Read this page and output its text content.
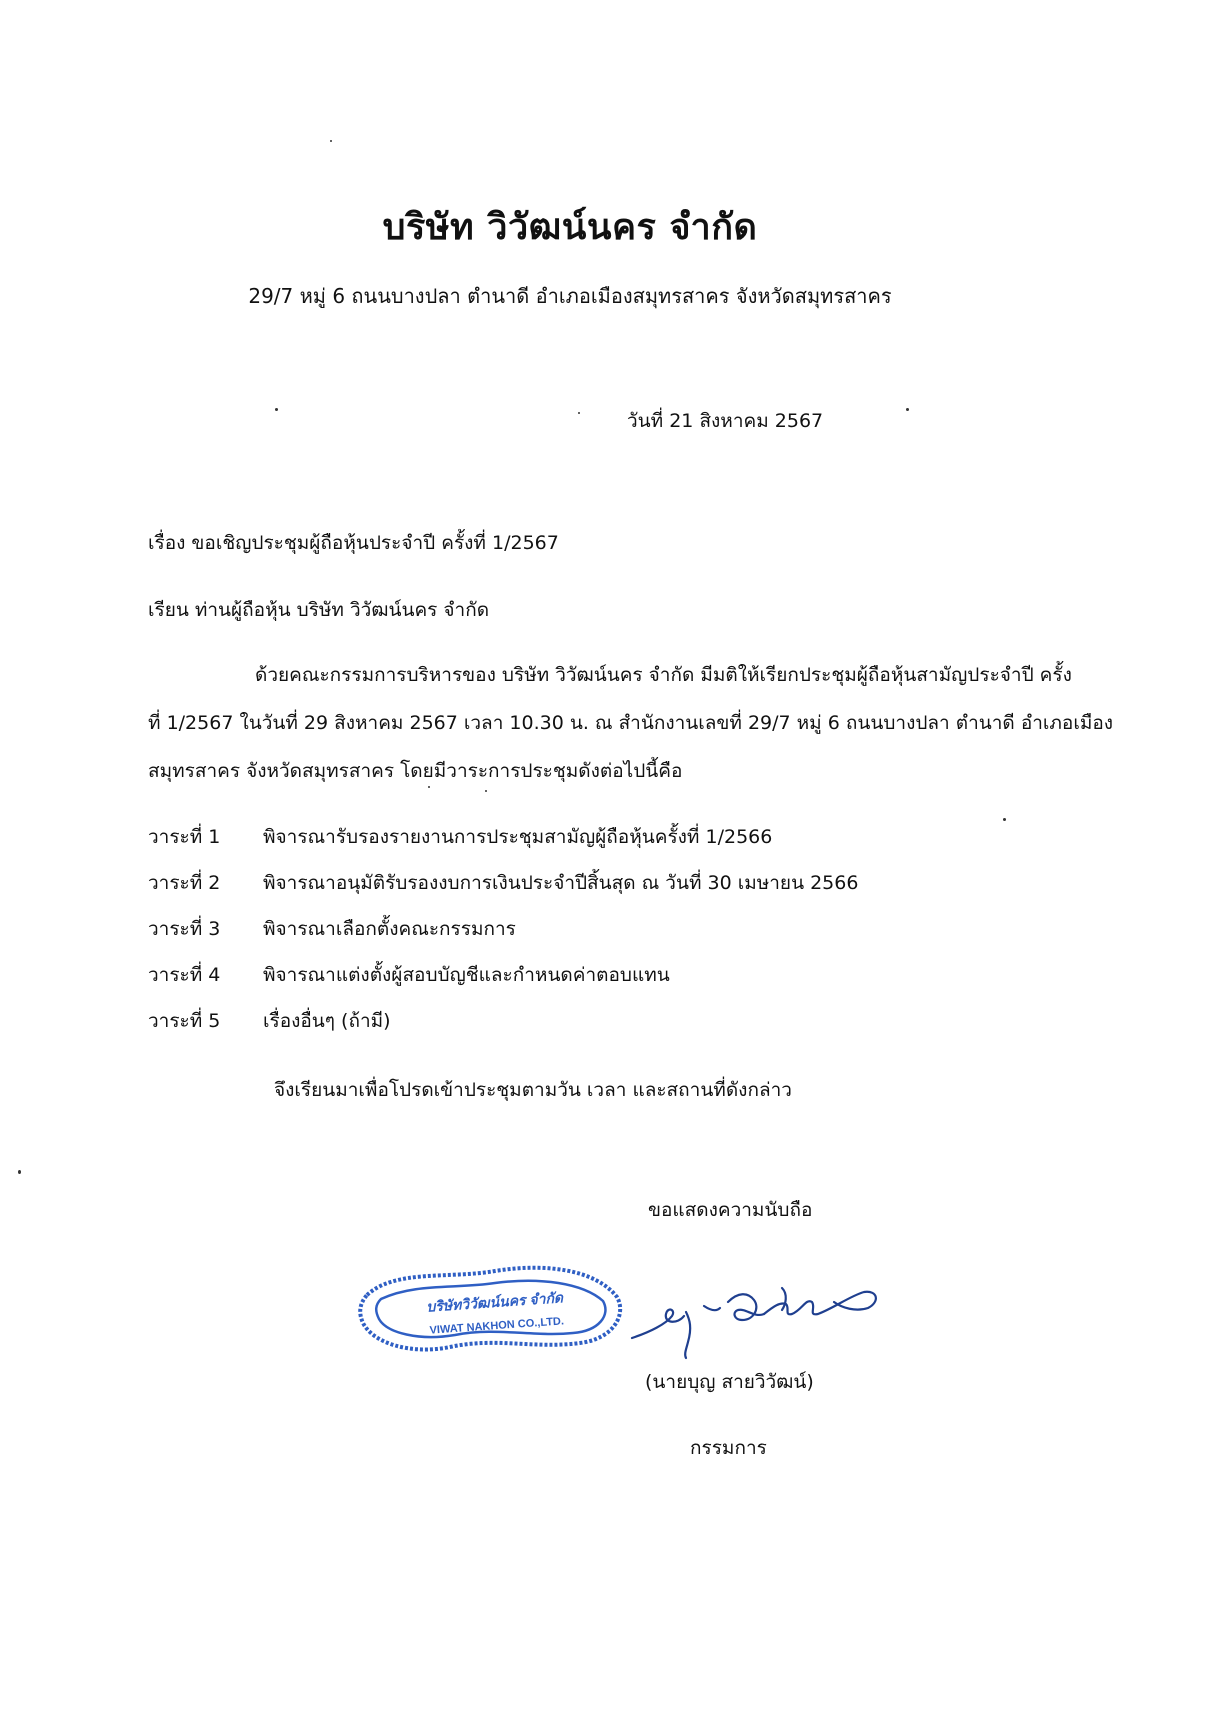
บริษัท วิวัฒน์นคร จำกัด
29/7 หมู่ 6 ถนนบางปลา ตำนาดี อำเภอเมืองสมุทรสาคร จังหวัดสมุทรสาคร
วันที่ 21 สิงหาคม 2567
เรื่อง ขอเชิญประชุมผู้ถือหุ้นประจำปี ครั้งที่ 1/2567
เรียน ท่านผู้ถือหุ้น บริษัท วิวัฒน์นคร จำกัด
ด้วยคณะกรรมการบริหารของ บริษัท วิวัฒน์นคร จำกัด มีมติให้เรียกประชุมผู้ถือหุ้นสามัญประจำปี ครั้ง
ที่ 1/2567 ในวันที่ 29 สิงหาคม 2567 เวลา 10.30 น. ณ สำนักงานเลขที่ 29/7 หมู่ 6 ถนนบางปลา ตำนาดี อำเภอเมือง
สมุทรสาคร จังหวัดสมุทรสาคร โดยมีวาระการประชุมดังต่อไปนี้คือ
วาระที่ 1 พิจารณารับรองรายงานการประชุมสามัญผู้ถือหุ้นครั้งที่ 1/2566
วาระที่ 2 พิจารณาอนุมัติรับรองงบการเงินประจำปีสิ้นสุด ณ วันที่ 30 เมษายน 2566
วาระที่ 3 พิจารณาเลือกตั้งคณะกรรมการ
วาระที่ 4 พิจารณาแต่งตั้งผู้สอบบัญชีและกำหนดค่าตอบแทน
วาระที่ 5 เรื่องอื่นๆ (ถ้ามี)
จึงเรียนมาเพื่อโปรดเข้าประชุมตามวัน เวลา และสถานที่ดังกล่าว
ขอแสดงความนับถือ
บริษัทวิวัฒน์นคร จำกัด
VIWAT NAKHON CO.,LTD.
(นายบุญ สายวิวัฒน์)
กรรมการ
